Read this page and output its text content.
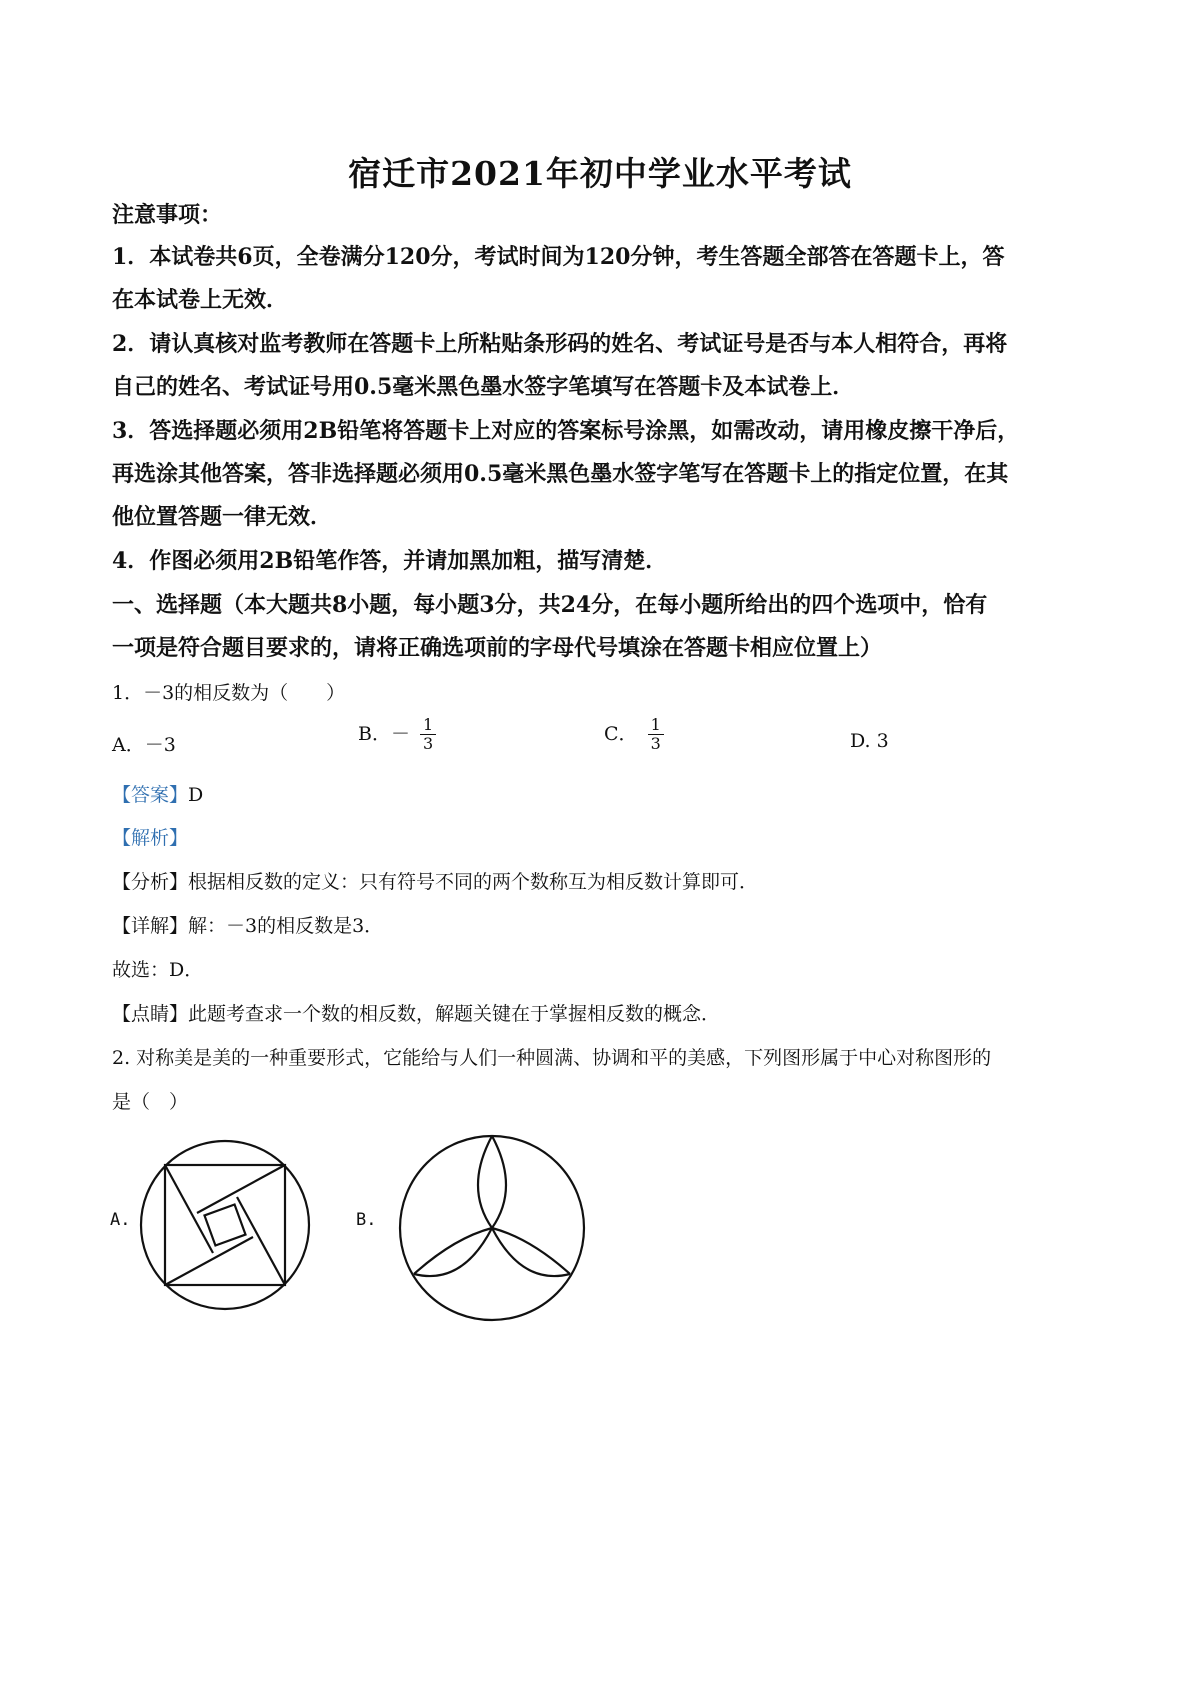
宿迁市2021年初中学业水平考试
注意事项：
1．本试卷共6页，全卷满分120分，考试时间为120分钟，考生答题全部答在答题卡上，答
在本试卷上无效．
2．请认真核对监考教师在答题卡上所粘贴条形码的姓名、考试证号是否与本人相符合，再将
自己的姓名、考试证号用0.5毫米黑色墨水签字笔填写在答题卡及本试卷上．
3．答选择题必须用2B铅笔将答题卡上对应的答案标号涂黑，如需改动，请用橡皮擦干净后，
再选涂其他答案，答非选择题必须用0.5毫米黑色墨水签字笔写在答题卡上的指定位置，在其
他位置答题一律无效．
4．作图必须用2B铅笔作答，并请加黑加粗，描写清楚．
一、选择题（本大题共8小题，每小题3分，共24分，在每小题所给出的四个选项中，恰有
一项是符合题目要求的，请将正确选项前的字母代号填涂在答题卡相应位置上）
1．－3的相反数为（　　）
A．－3
B．－ $\frac{1}{3}$	C． $\frac{1}{3}$	D. 3
【答案】D
【解析】
【分析】根据相反数的定义：只有符号不同的两个数称互为相反数计算即可．
【详解】解：－3的相反数是3．
故选：D．
【点睛】此题考查求一个数的相反数，解题关键在于掌握相反数的概念．
2. 对称美是美的一种重要形式，它能给与人们一种圆满、协调和平的美感，下列图形属于中心对称图形的
是（　）
A.	B.
